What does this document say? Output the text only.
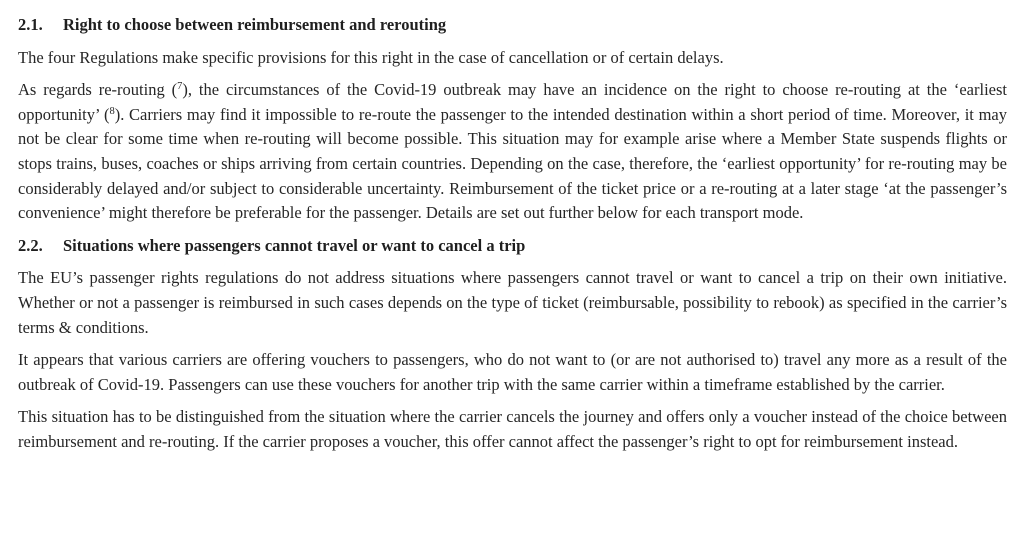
2.1. Right to choose between reimbursement and rerouting

The four Regulations make specific provisions for this right in the case of cancellation or of certain delays.

As regards re-routing ($^7$), the circumstances of the Covid-19 outbreak may have an incidence on the right to choose re-routing at the ‘earliest opportunity’ ($^8$). Carriers may find it impossible to re-route the passenger to the intended destination within a short period of time. Moreover, it may not be clear for some time when re-routing will become possible. This situation may for example arise where a Member State suspends flights or stops trains, buses, coaches or ships arriving from certain countries. Depending on the case, therefore, the ‘earliest opportunity’ for re-routing may be considerably delayed and/or subject to considerable uncertainty. Reimbursement of the ticket price or a re-routing at a later stage ‘at the passenger’s convenience’ might therefore be preferable for the passenger. Details are set out further below for each transport mode.

2.2. Situations where passengers cannot travel or want to cancel a trip

The EU’s passenger rights regulations do not address situations where passengers cannot travel or want to cancel a trip on their own initiative. Whether or not a passenger is reimbursed in such cases depends on the type of ticket (reimbursable, possibility to rebook) as specified in the carrier’s terms & conditions.

It appears that various carriers are offering vouchers to passengers, who do not want to (or are not authorised to) travel any more as a result of the outbreak of Covid-19. Passengers can use these vouchers for another trip with the same carrier within a timeframe established by the carrier.

This situation has to be distinguished from the situation where the carrier cancels the journey and offers only a voucher instead of the choice between reimbursement and re-routing. If the carrier proposes a voucher, this offer cannot affect the passenger’s right to opt for reimbursement instead.
